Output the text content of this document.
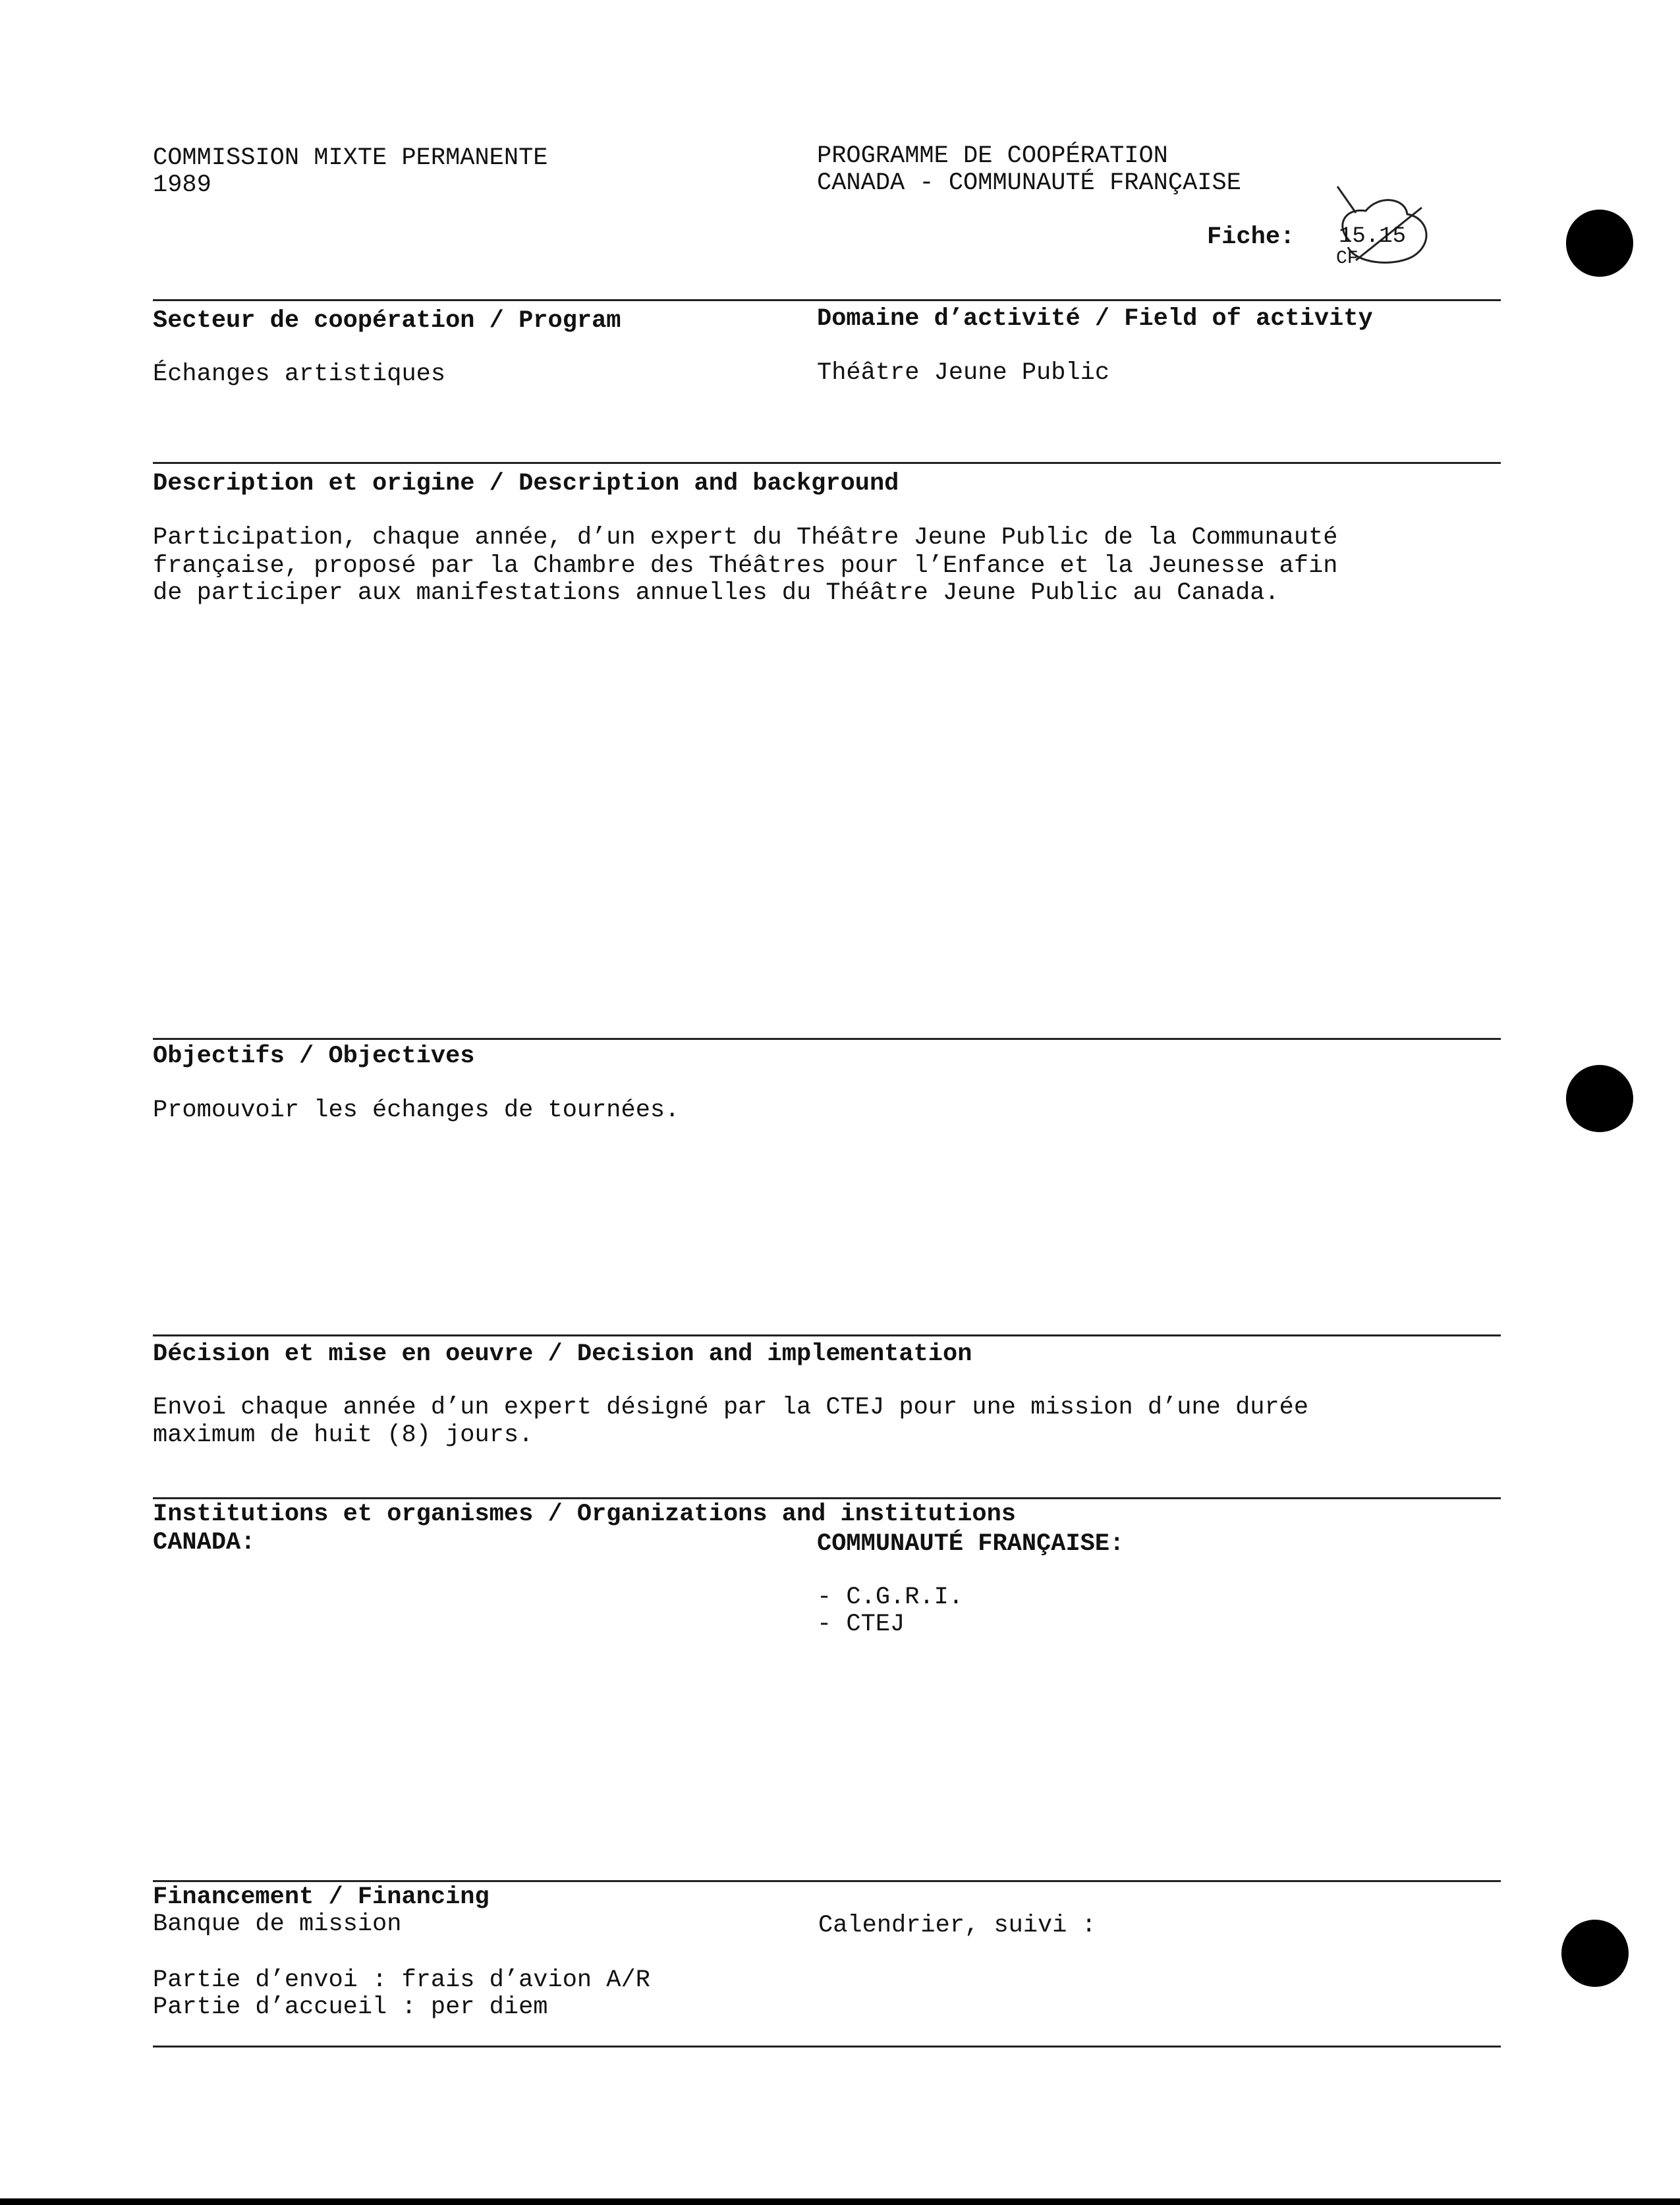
COMMISSION MIXTE PERMANENTE
1989
PROGRAMME DE COOPÉRATION
CANADA - COMMUNAUTÉ FRANÇAISE
Fiche: 15.15
CF
Secteur de coopération / Program
Échanges artistiques
Domaine d’activité / Field of activity
Théâtre Jeune Public
Description et origine / Description and background
Participation, chaque année, d’un expert du Théâtre Jeune Public de la Communauté
française, proposé par la Chambre des Théâtres pour l’Enfance et la Jeunesse afin
de participer aux manifestations annuelles du Théâtre Jeune Public au Canada.
Objectifs / Objectives
Promouvoir les échanges de tournées.
Décision et mise en oeuvre / Decision and implementation
Envoi chaque année d’un expert désigné par la CTEJ pour une mission d’une durée
maximum de huit (8) jours.
Institutions et organismes / Organizations and institutions
CANADA:	COMMUNAUTÉ FRANÇAISE:
- C.G.R.I.
- CTEJ
Financement / Financing
Banque de mission
Partie d’envoi : frais d’avion A/R
Partie d’accueil : per diem
Calendrier, suivi :
